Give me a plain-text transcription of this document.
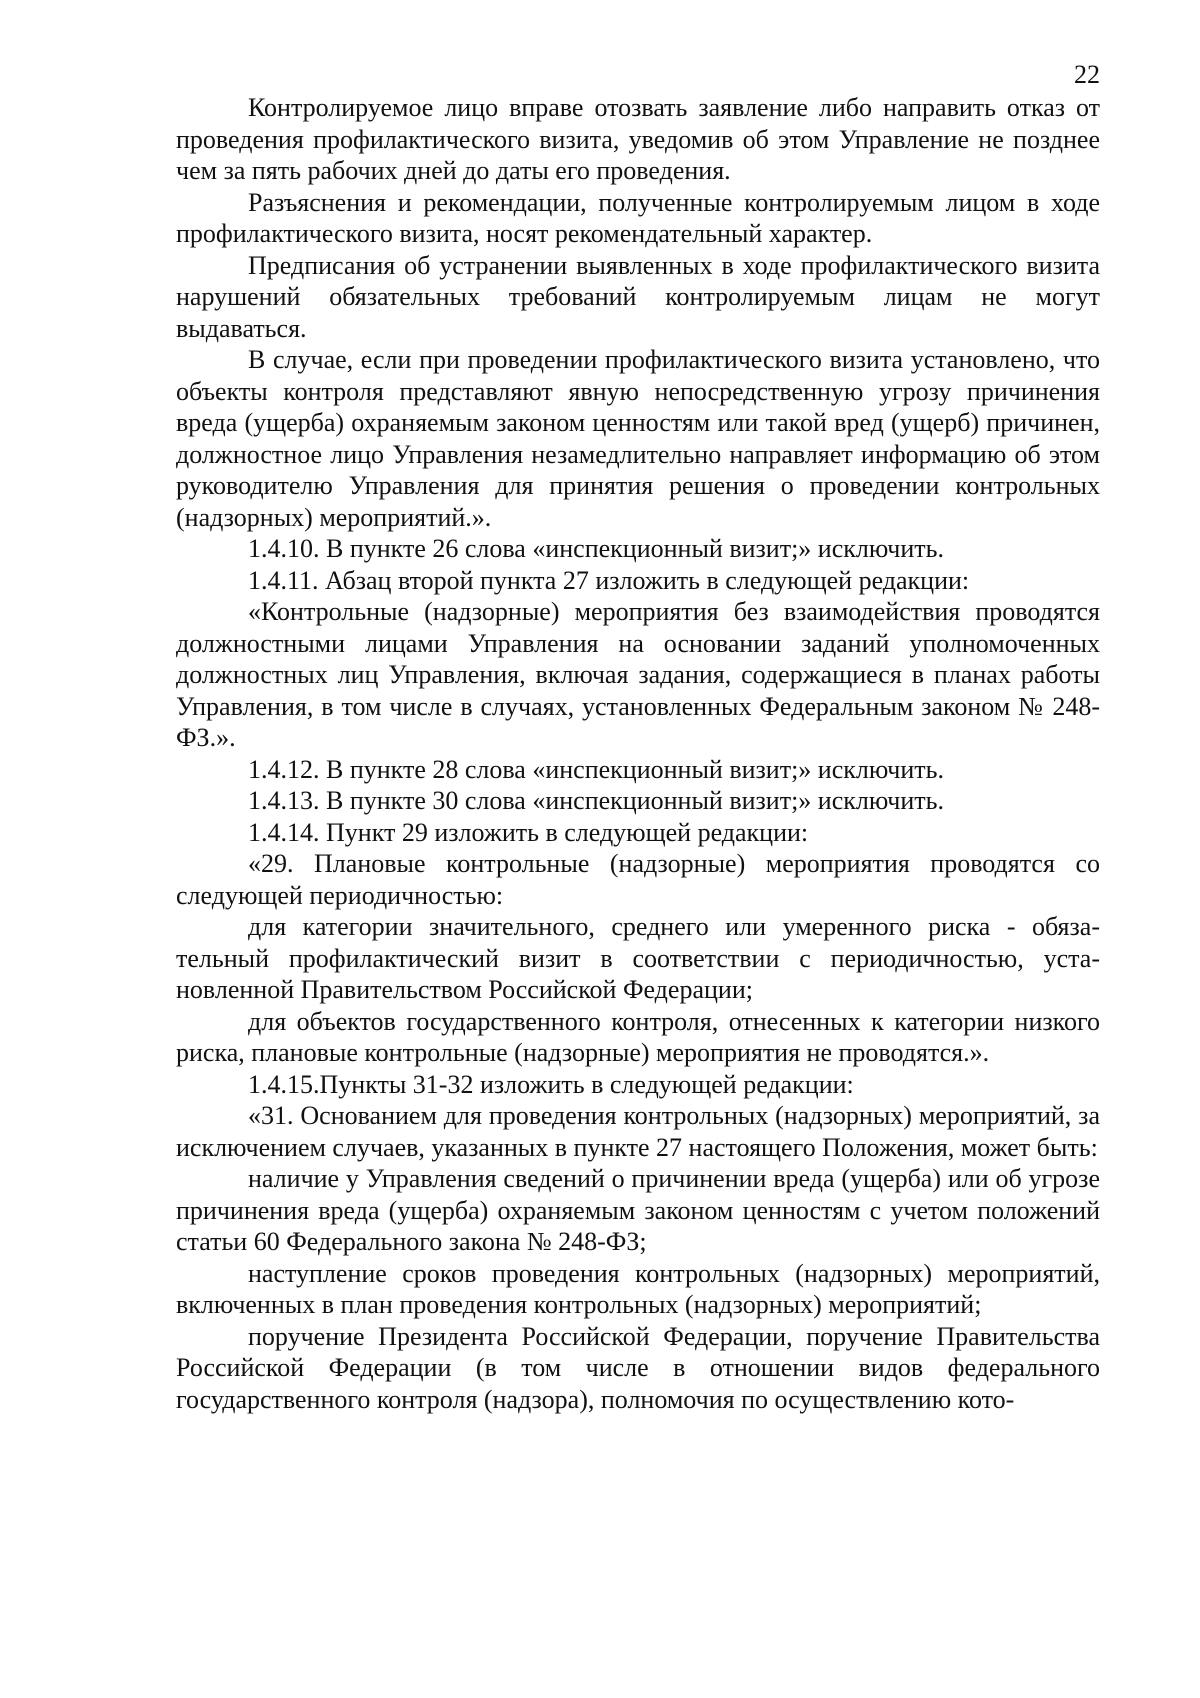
22

Контролируемое лицо вправе отозвать заявление либо направить отказ от проведения профилактического визита, уведомив об этом Управление не позднее чем за пять рабочих дней до даты его проведения.

Разъяснения и рекомендации, полученные контролируемым лицом в ходе профилактического визита, носят рекомендательный характер.

Предписания об устранении выявленных в ходе профилактического визита нарушений обязательных требований контролируемым лицам не могут выдаваться.

В случае, если при проведении профилактического визита установлено, что объекты контроля представляют явную непосредственную угрозу причинения вреда (ущерба) охраняемым законом ценностям или такой вред (ущерб) причинен, должностное лицо Управления незамедлительно направляет информацию об этом руководителю Управления для принятия решения о проведении контрольных (надзорных) мероприятий.».

1.4.10. В пункте 26 слова «инспекционный визит;» исключить.

1.4.11. Абзац второй пункта 27 изложить в следующей редакции:

«Контрольные (надзорные) мероприятия без взаимодействия проводятся должностными лицами Управления на основании заданий уполномоченных должностных лиц Управления, включая задания, содержащиеся в планах работы Управления, в том числе в случаях, установленных Федеральным законом № 248-ФЗ.».

1.4.12. В пункте 28 слова «инспекционный визит;» исключить.

1.4.13. В пункте 30 слова «инспекционный визит;» исключить.

1.4.14. Пункт 29 изложить в следующей редакции:

«29. Плановые контрольные (надзорные) мероприятия проводятся со следующей периодичностью:

для категории значительного, среднего или умеренного риска - обязательный профилактический визит в соответствии с периодичностью, установленной Правительством Российской Федерации;

для объектов государственного контроля, отнесенных к категории низкого риска, плановые контрольные (надзорные) мероприятия не проводятся.».

1.4.15.Пункты 31-32 изложить в следующей редакции:

«31. Основанием для проведения контрольных (надзорных) мероприятий, за исключением случаев, указанных в пункте 27 настоящего Положения, может быть:

наличие у Управления сведений о причинении вреда (ущерба) или об угрозе причинения вреда (ущерба) охраняемым законом ценностям с учетом положений статьи 60 Федерального закона № 248-ФЗ;

наступление сроков проведения контрольных (надзорных) мероприятий, включенных в план проведения контрольных (надзорных) мероприятий;

поручение Президента Российской Федерации, поручение Правительства Российской Федерации (в том числе в отношении видов федерального государственного контроля (надзора), полномочия по осуществлению кото-
